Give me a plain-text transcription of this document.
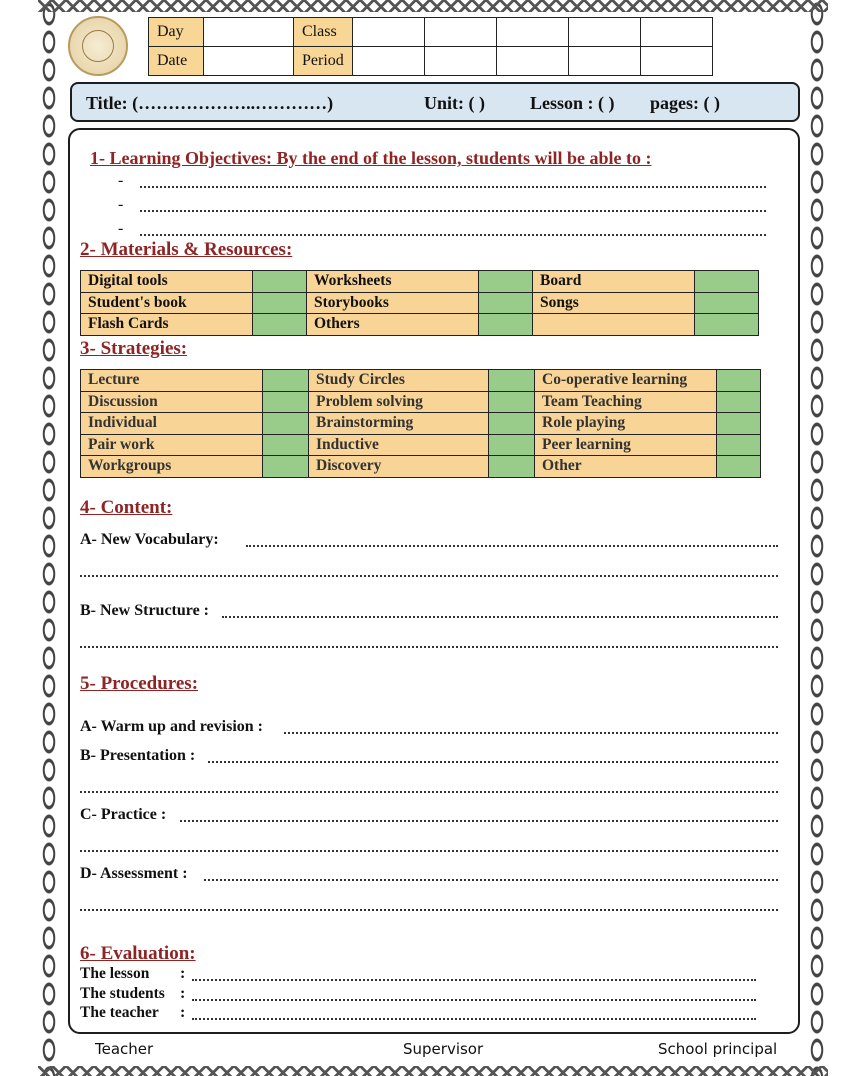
Day		Class					
Date		Period					
Title: (………………..…………)	Unit: ( )	Lesson : ( ) pages: ( )
1- Learning Objectives: By the end of the lesson, students will be able to :
-
-
-
2- Materials & Resources:
Digital tools		Worksheets		Board	
Student's book		Storybooks		Songs	
Flash Cards		Others			
3- Strategies:
Lecture		Study Circles		Co-operative learning	
Discussion		Problem solving		Team Teaching	
Individual		Brainstorming		Role playing	
Pair work		Inductive		Peer learning	
Workgroups		Discovery		Other	
4- Content:
A- New Vocabulary:
B- New Structure :
5- Procedures:
A- Warm up and revision :
B- Presentation :
C- Practice :
D- Assessment :
6- Evaluation:
The lesson :
The students :
The teacher :
Teacher	Supervisor	School principal
